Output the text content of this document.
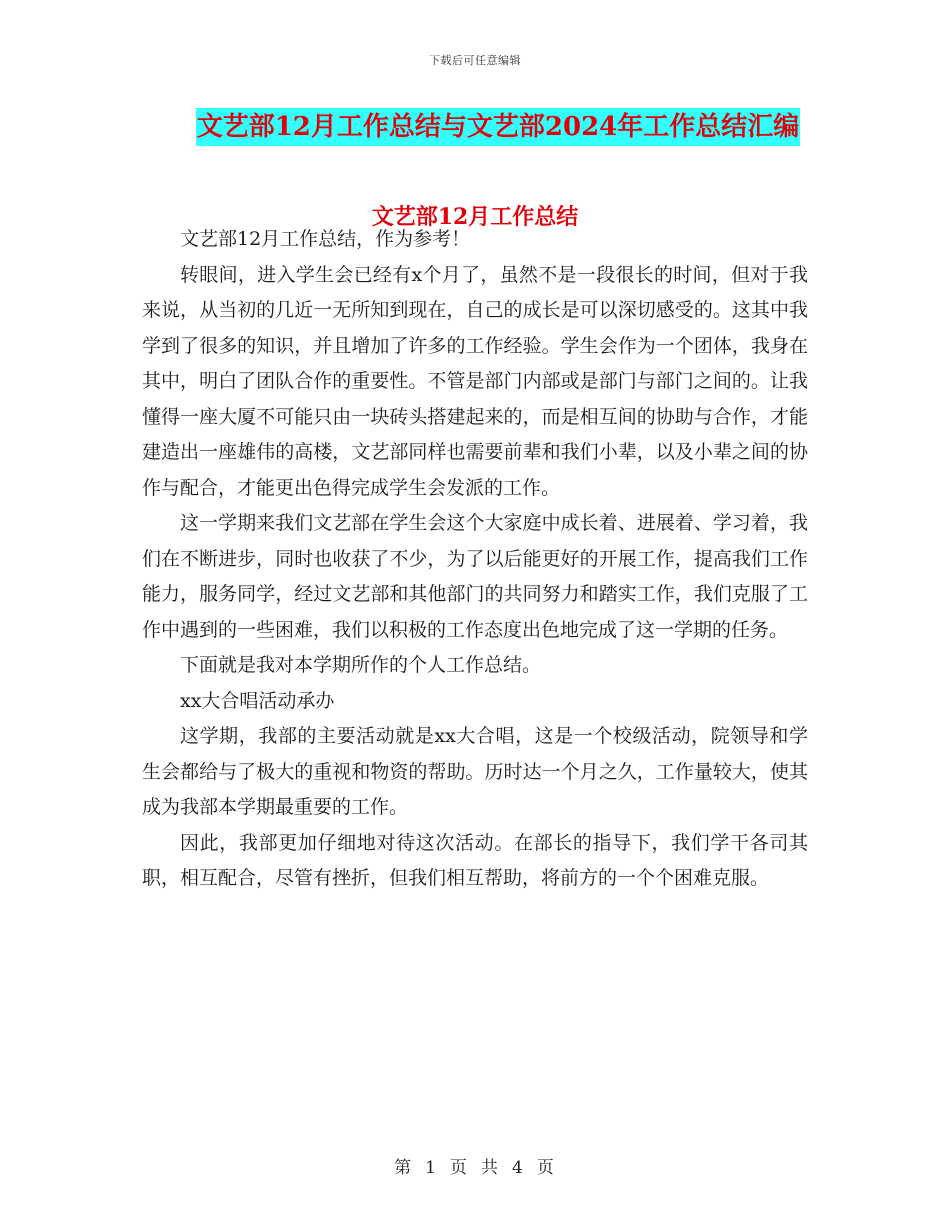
下载后可任意编辑
文艺部12月工作总结与文艺部2024年工作总结汇编
文艺部12月工作总结

文艺部12月工作总结，作为参考！

转眼间，进入学生会已经有x个月了，虽然不是一段很长的时间，但对于我来说，从当初的几近一无所知到现在，自己的成长是可以深切感受的。这其中我学到了很多的知识，并且增加了许多的工作经验。学生会作为一个团体，我身在其中，明白了团队合作的重要性。不管是部门内部或是部门与部门之间的。让我懂得一座大厦不可能只由一块砖头搭建起来的，而是相互间的协助与合作，才能建造出一座雄伟的高楼，文艺部同样也需要前辈和我们小辈，以及小辈之间的协作与配合，才能更出色得完成学生会发派的工作。

这一学期来我们文艺部在学生会这个大家庭中成长着、进展着、学习着，我们在不断进步，同时也收获了不少，为了以后能更好的开展工作，提高我们工作能力，服务同学，经过文艺部和其他部门的共同努力和踏实工作，我们克服了工作中遇到的一些困难，我们以积极的工作态度出色地完成了这一学期的任务。

下面就是我对本学期所作的个人工作总结。

xx大合唱活动承办

这学期，我部的主要活动就是xx大合唱，这是一个校级活动，院领导和学生会都给与了极大的重视和物资的帮助。历时达一个月之久，工作量较大，使其成为我部本学期最重要的工作。

因此，我部更加仔细地对待这次活动。在部长的指导下，我们学干各司其职，相互配合，尽管有挫折，但我们相互帮助，将前方的一个个困难克服。

第 1 页 共 4 页
